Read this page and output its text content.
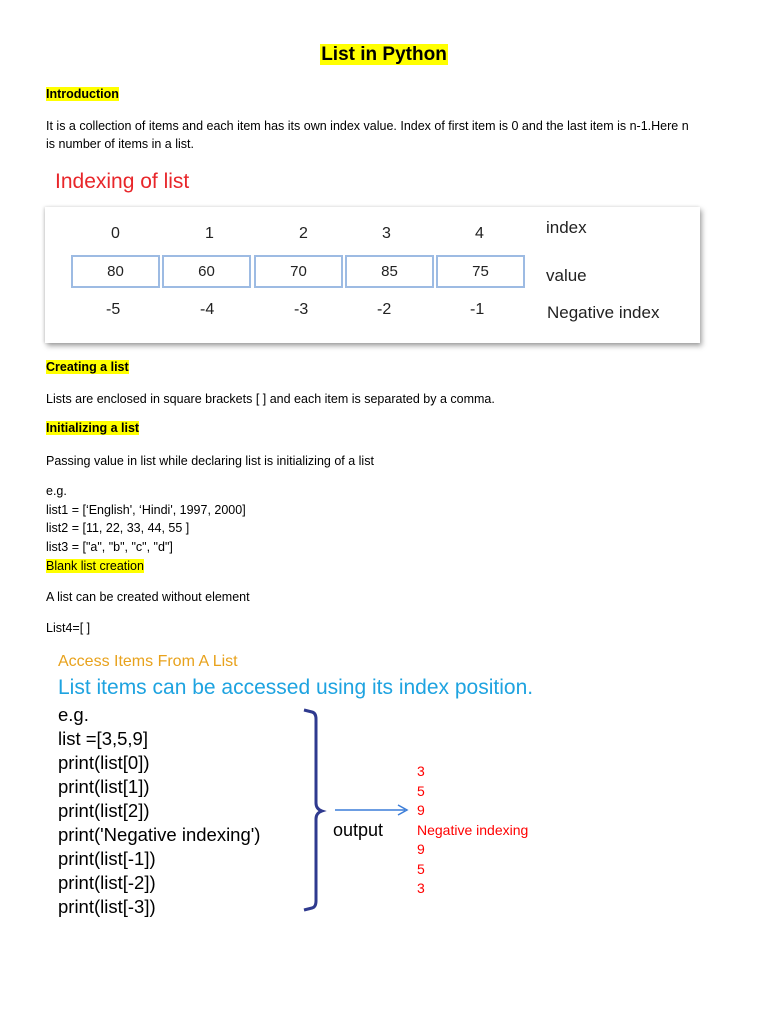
List in Python
Introduction
It is a collection of items and each item has its own index value. Index of first item is 0 and the last item is n-1.Here n
is number of items in a list.
Indexing of list
0	1	2	3	4
80	60	70	85	75
-5	-4	-3	-2	-1
index
value
Negative index
Creating a list
Lists are enclosed in square brackets [ ] and each item is separated by a comma.
Initializing a list
Passing value in list while declaring list is initializing of a list
e.g.
list1 = [‘English', ‘Hindi', 1997, 2000]
list2 = [11, 22, 33, 44, 55 ]
list3 = ["a", "b", "c", "d"]
Blank list creation
A list can be created without element
List4=[ ]
Access Items From A List
List items can be accessed using its index position.
e.g.
list =[3,5,9]
print(list[0])
print(list[1])
print(list[2])
print('Negative indexing')
print(list[-1])
print(list[-2])
print(list[-3])
output
3
5
9
Negative indexing
9
5
3
